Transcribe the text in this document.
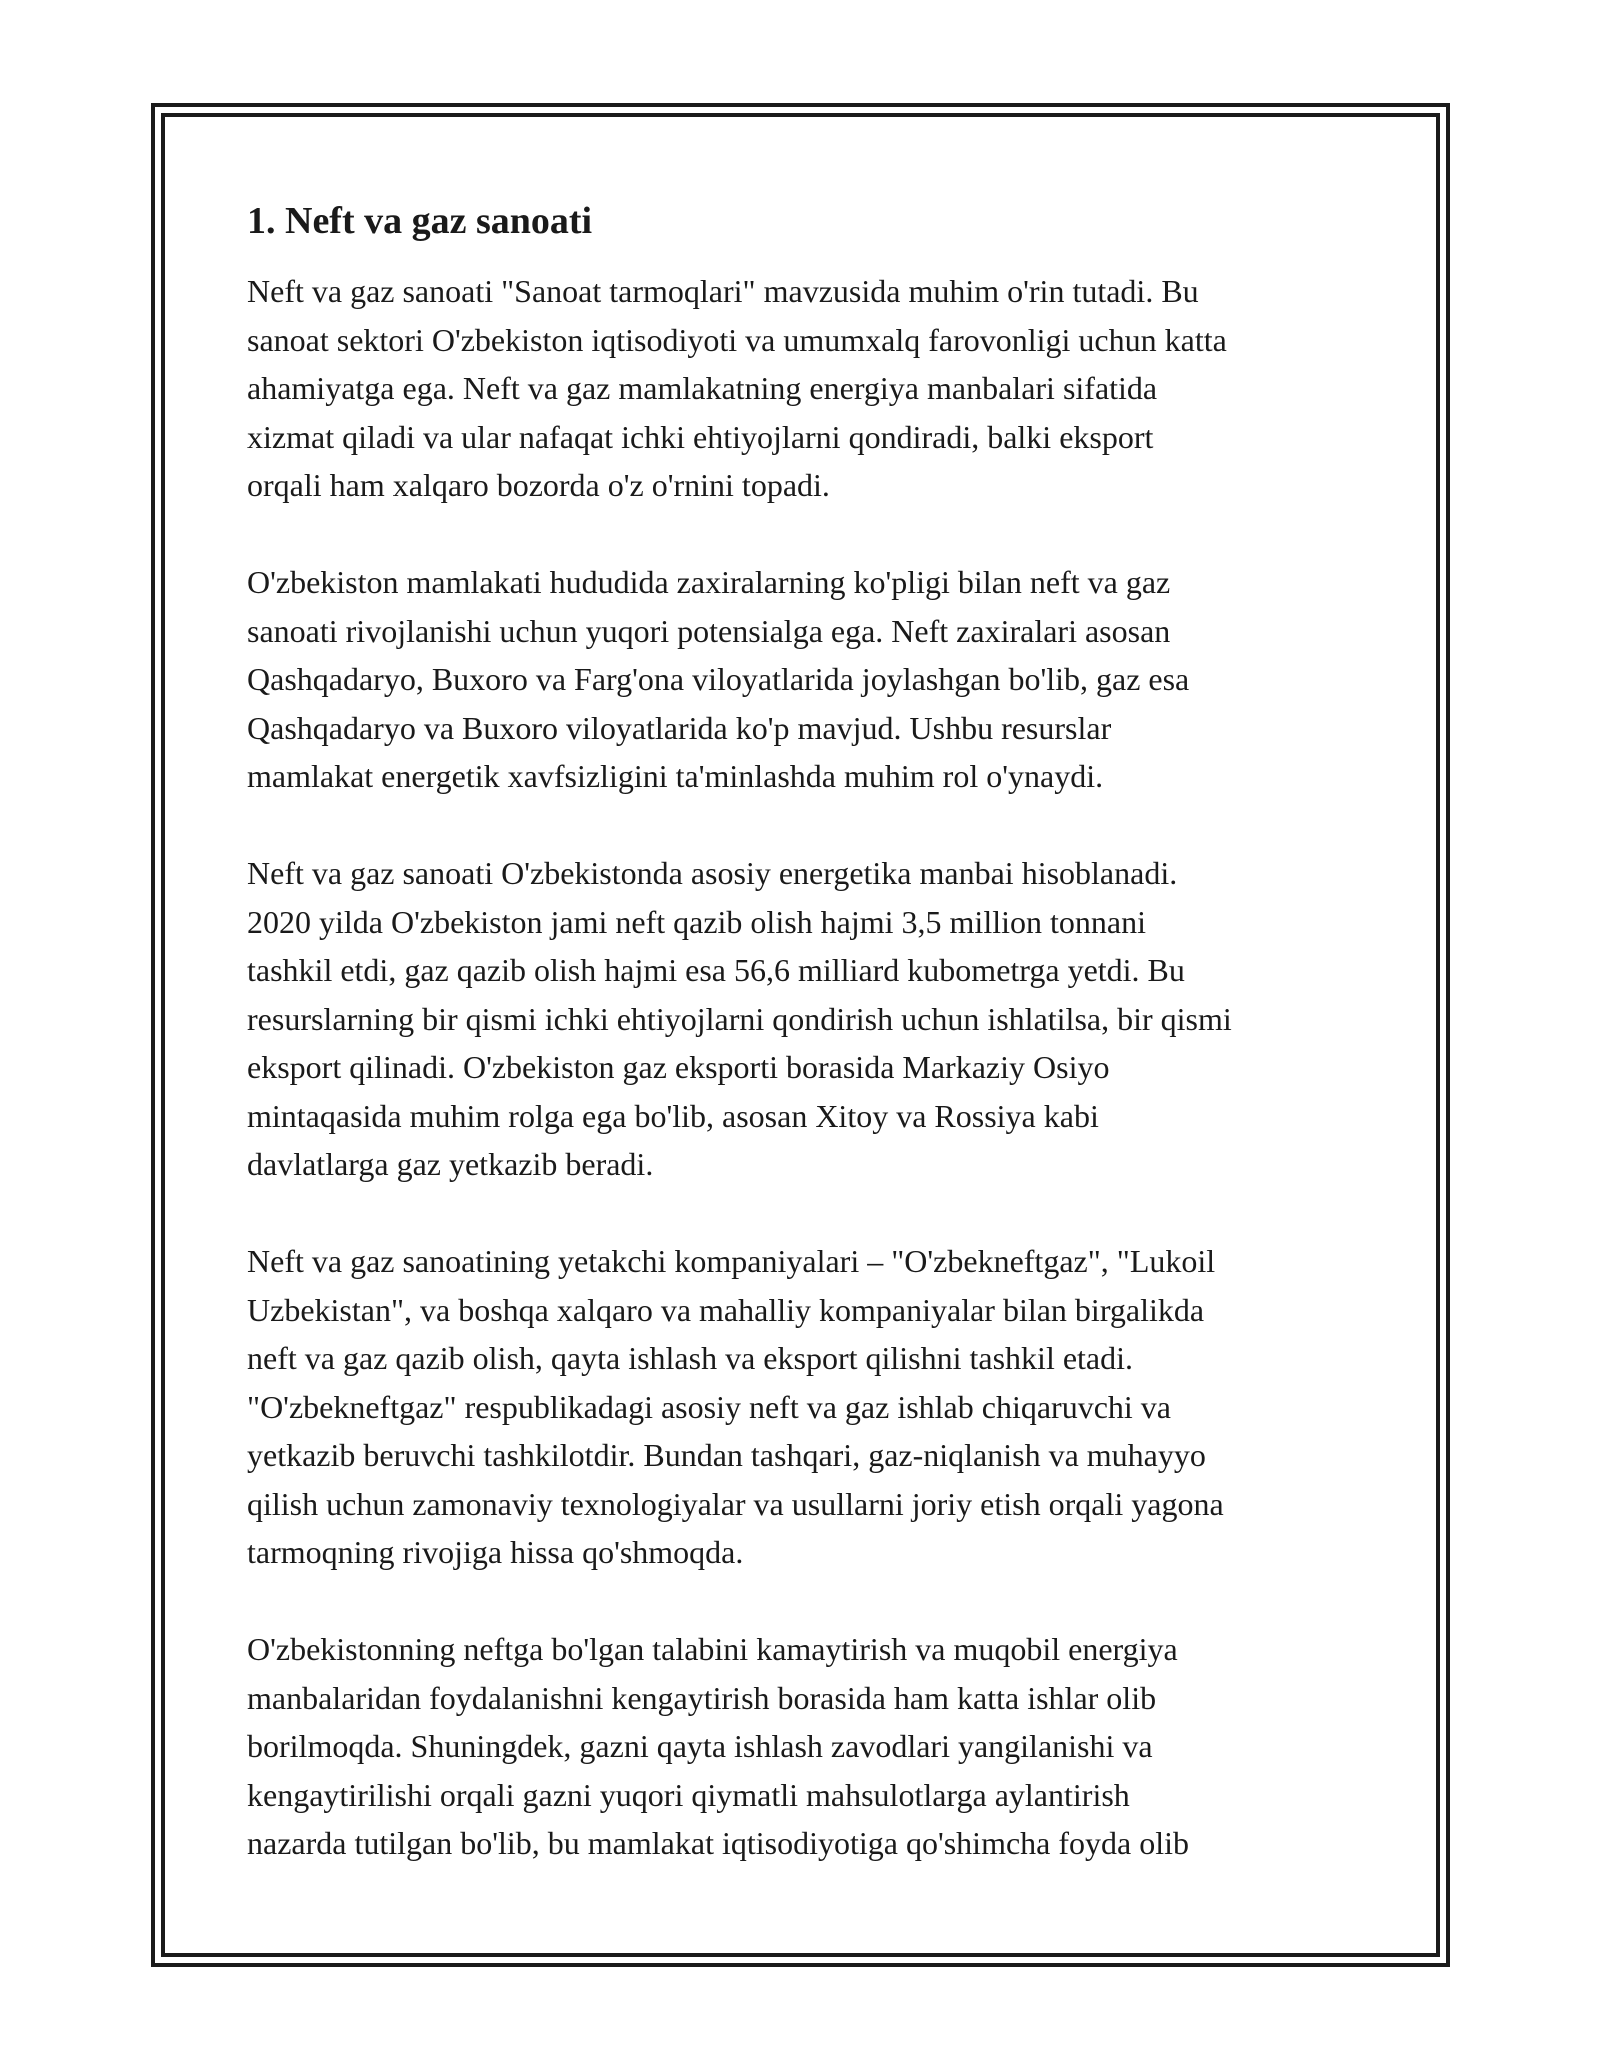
1. Neft va gaz sanoati

Neft va gaz sanoati "Sanoat tarmoqlari" mavzusida muhim o'rin tutadi. Bu
sanoat sektori O'zbekiston iqtisodiyoti va umumxalq farovonligi uchun katta
ahamiyatga ega. Neft va gaz mamlakatning energiya manbalari sifatida
xizmat qiladi va ular nafaqat ichki ehtiyojlarni qondiradi, balki eksport
orqali ham xalqaro bozorda o'z o'rnini topadi.

O'zbekiston mamlakati hududida zaxiralarning ko'pligi bilan neft va gaz
sanoati rivojlanishi uchun yuqori potensialga ega. Neft zaxiralari asosan
Qashqadaryo, Buxoro va Farg'ona viloyatlarida joylashgan bo'lib, gaz esa
Qashqadaryo va Buxoro viloyatlarida ko'p mavjud. Ushbu resurslar
mamlakat energetik xavfsizligini ta'minlashda muhim rol o'ynaydi.

Neft va gaz sanoati O'zbekistonda asosiy energetika manbai hisoblanadi.
2020 yilda O'zbekiston jami neft qazib olish hajmi 3,5 million tonnani
tashkil etdi, gaz qazib olish hajmi esa 56,6 milliard kubometrga yetdi. Bu
resurslarning bir qismi ichki ehtiyojlarni qondirish uchun ishlatilsa, bir qismi
eksport qilinadi. O'zbekiston gaz eksporti borasida Markaziy Osiyo
mintaqasida muhim rolga ega bo'lib, asosan Xitoy va Rossiya kabi
davlatlarga gaz yetkazib beradi.

Neft va gaz sanoatining yetakchi kompaniyalari – "O'zbekneftgaz", "Lukoil
Uzbekistan", va boshqa xalqaro va mahalliy kompaniyalar bilan birgalikda
neft va gaz qazib olish, qayta ishlash va eksport qilishni tashkil etadi.
"O'zbekneftgaz" respublikadagi asosiy neft va gaz ishlab chiqaruvchi va
yetkazib beruvchi tashkilotdir. Bundan tashqari, gaz-niqlanish va muhayyo
qilish uchun zamonaviy texnologiyalar va usullarni joriy etish orqali yagona
tarmoqning rivojiga hissa qo'shmoqda.

O'zbekistonning neftga bo'lgan talabini kamaytirish va muqobil energiya
manbalaridan foydalanishni kengaytirish borasida ham katta ishlar olib
borilmoqda. Shuningdek, gazni qayta ishlash zavodlari yangilanishi va
kengaytirilishi orqali gazni yuqori qiymatli mahsulotlarga aylantirish
nazarda tutilgan bo'lib, bu mamlakat iqtisodiyotiga qo'shimcha foyda olib
